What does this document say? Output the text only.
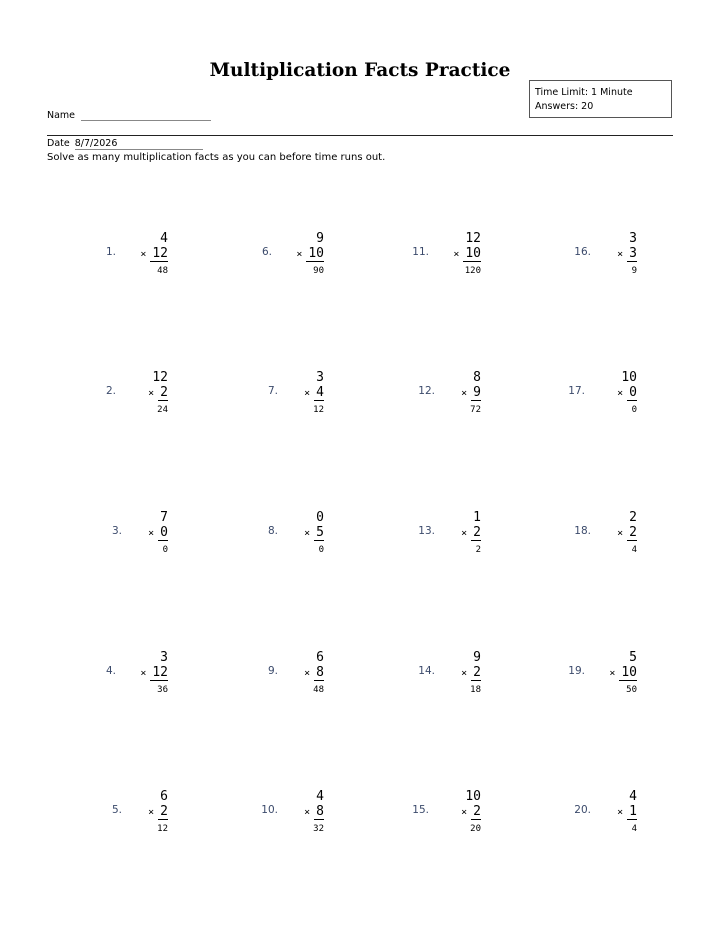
Multiplication Facts Practice
Time Limit: 1 Minute
Answers: 20
Name
Date 8/7/2026
Solve as many multiplication facts as you can before time runs out.
1.
4
× 12
48
2.
12
× 2
24
3.
7
× 0
0
4.
3
× 12
36
5.
6
× 2
12
6.
9
× 10
90
7.
3
× 4
12
8.
0
× 5
0
9.
6
× 8
48
10.
4
× 8
32
11.
12
× 10
120
12.
8
× 9
72
13.
1
× 2
2
14.
9
× 2
18
15.
10
× 2
20
16.
3
× 3
9
17.
10
× 0
0
18.
2
× 2
4
19.
5
× 10
50
20.
4
× 1
4
